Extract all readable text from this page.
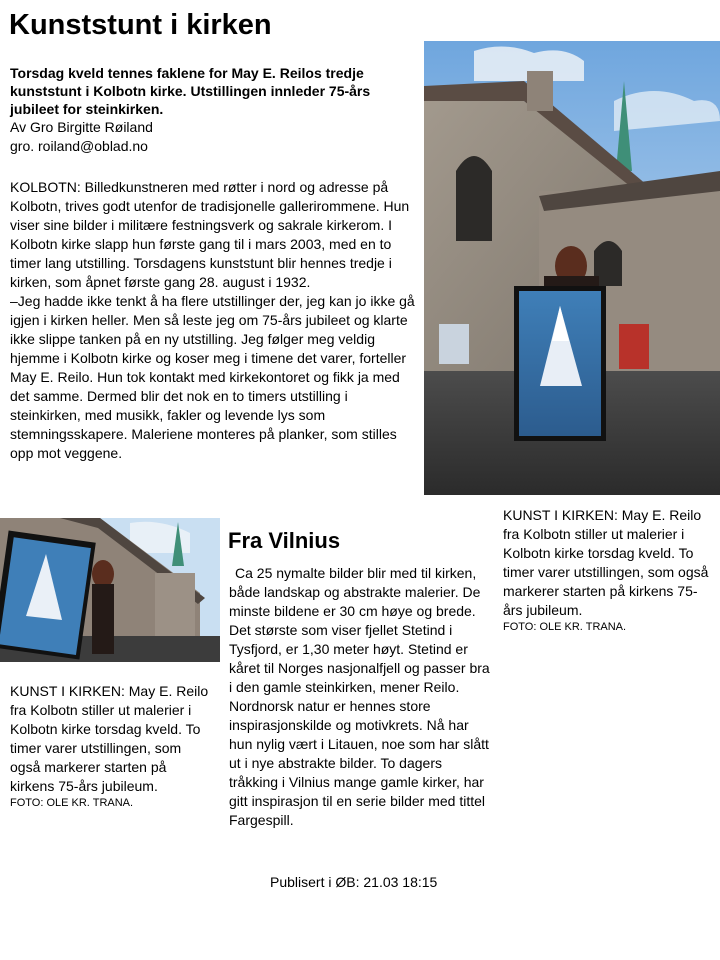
Kunststunt i kirken
Torsdag kveld tennes faklene for May E. Reilos tredje kunststunt i Kolbotn kirke. Utstillingen innleder 75-års jubileet for steinkirken.
Av Gro Birgitte Røiland
gro. roiland@oblad.no

KOLBOTN: Billedkunstneren med røtter i nord og adresse på Kolbotn, trives godt utenfor de tradisjonelle gallerirommene. Hun viser sine bilder i militære festningsverk og sakrale kirkerom. I Kolbotn kirke slapp hun første gang til i mars 2003, med en to timer lang utstilling. Torsdagens kunststunt blir hennes tredje i kirken, som åpnet første gang 28. august i 1932.

–Jeg hadde ikke tenkt å ha flere utstillinger der, jeg kan jo ikke gå igjen i kirken heller. Men så leste jeg om 75-års jubileet og klarte ikke slippe tanken på en ny utstilling. Jeg følger meg veldig hjemme i Kolbotn kirke og koser meg i timene det varer, forteller May E. Reilo. Hun tok kontakt med kirkekontoret og fikk ja med det samme. Dermed blir det nok en to timers utstilling i steinkirken, med musikk, fakler og levende lys som stemningsskapere. Maleriene monteres på planker, som stilles opp mot veggene.

KUNST I KIRKEN: May E. Reilo fra Kolbotn stiller ut malerier i Kolbotn kirke torsdag kveld. To timer varer utstillingen, som også markerer starten på kirkens 75-års jubileum.
FOTO: OLE KR. TRANA.
KUNST I KIRKEN: May E. Reilo fra Kolbotn stiller ut malerier i Kolbotn kirke torsdag kveld. To timer varer utstillingen, som også markerer starten på kirkens 75-års jubileum.
FOTO: OLE KR. TRANA.
Fra Vilnius
Ca 25 nymalte bilder blir med til kirken, både landskap og abstrakte malerier. De minste bildene er 30 cm høye og brede. Det største som viser fjellet Stetind i Tysfjord, er 1,30 meter høyt. Stetind er kåret til Norges nasjonalfjell og passer bra i den gamle steinkirken, mener Reilo. Nordnorsk natur er hennes store inspirasjonskilde og motivkrets. Nå har hun nylig vært i Litauen, noe som har slått ut i nye abstrakte bilder. To dagers tråkking i Vilnius mange gamle kirker, har gitt inspirasjon til en serie bilder med tittel Fargespill.
Publisert i ØB: 21.03 18:15
